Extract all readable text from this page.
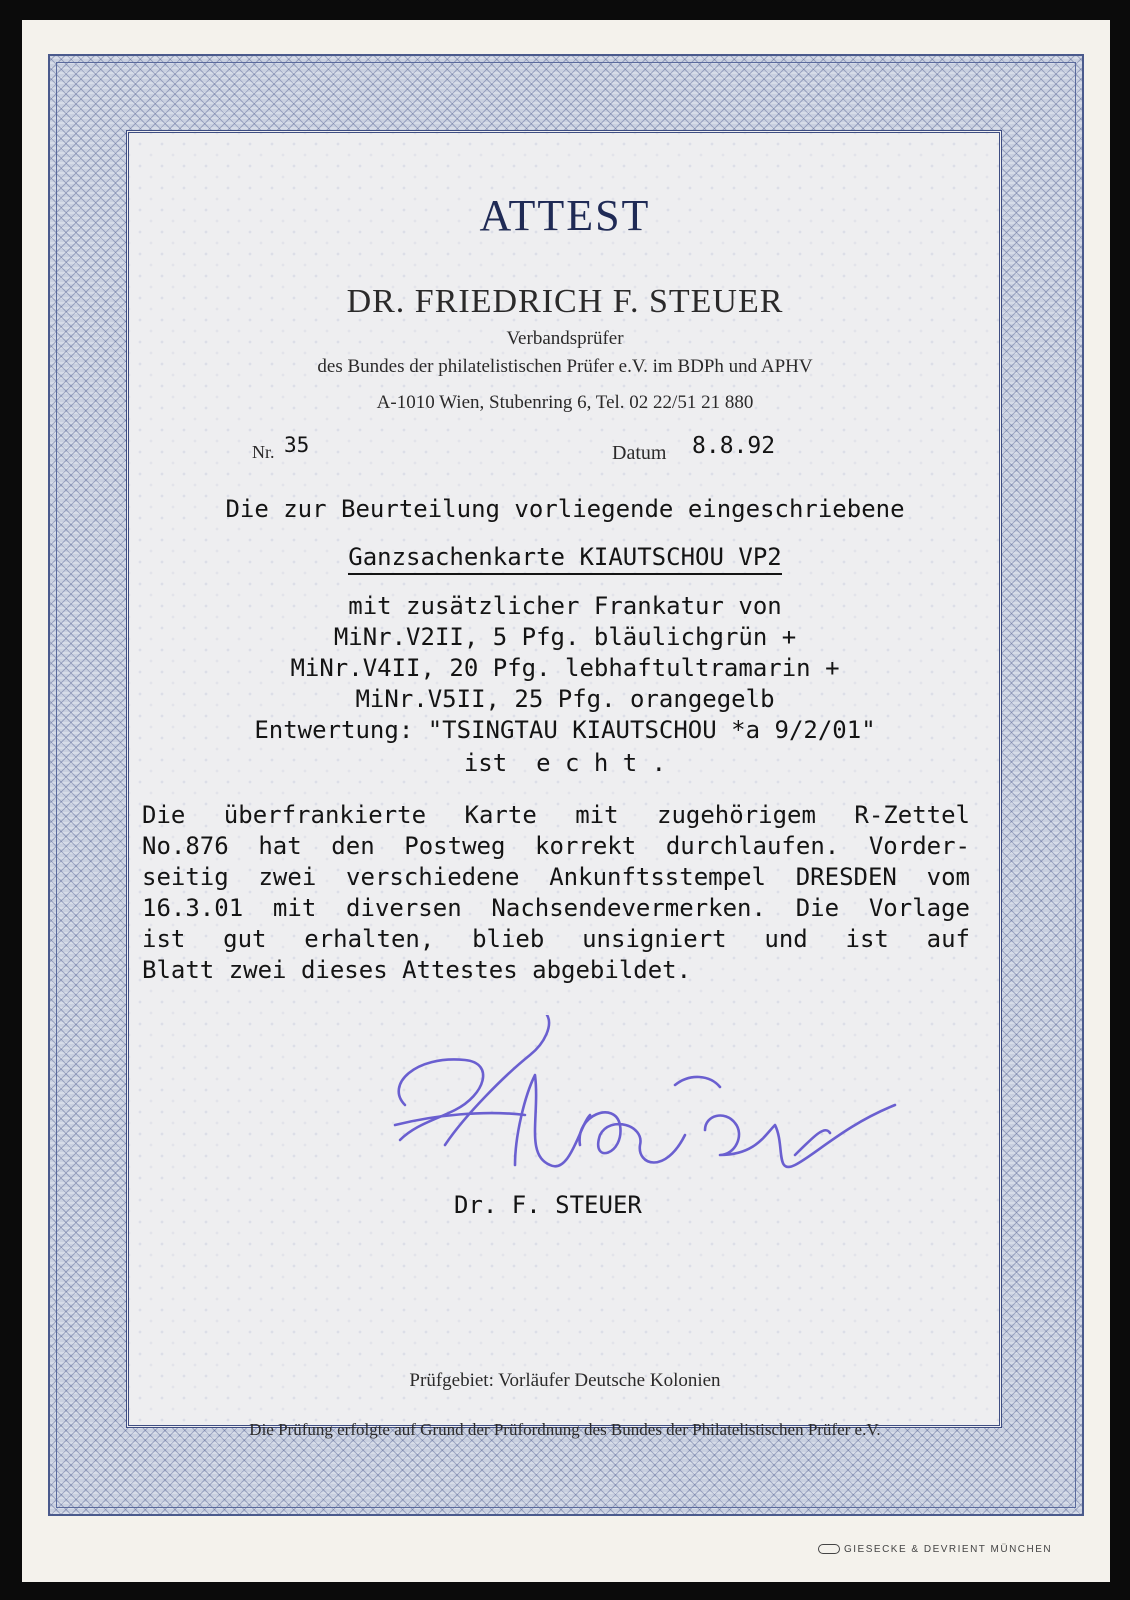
ATTEST
DR. FRIEDRICH F. STEUER
Verbandsprüfer
des Bundes der philatelistischen Prüfer e.V. im BDPh und APHV
A-1010 Wien, Stubenring 6, Tel. 02 22/51 21 880
Nr. 35	Datum 8.8.92
Die zur Beurteilung vorliegende eingeschriebene
Ganzsachenkarte KIAUTSCHOU VP2
mit zusätzlicher Frankatur von
MiNr.V2II, 5 Pfg. bläulichgrün +
MiNr.V4II, 20 Pfg. lebhaftultramarin +
MiNr.V5II, 25 Pfg. orangegelb
Entwertung: "TSINGTAU KIAUTSCHOU *a 9/2/01"
ist  e c h t .
Die überfrankierte Karte mit zugehörigem R-Zettel
No.876 hat den Postweg korrekt durchlaufen. Vorder-
seitig zwei verschiedene Ankunftsstempel DRESDEN vom
16.3.01 mit diversen Nachsendevermerken. Die Vorlage
ist gut erhalten, blieb unsigniert und ist auf
Blatt zwei dieses Attestes abgebildet.
Dr. F. STEUER
Prüfgebiet: Vorläufer Deutsche Kolonien
Die Prüfung erfolgte auf Grund der Prüfordnung des Bundes der Philatelistischen Prüfer e.V.
GIESECKE & DEVRIENT MÜNCHEN
